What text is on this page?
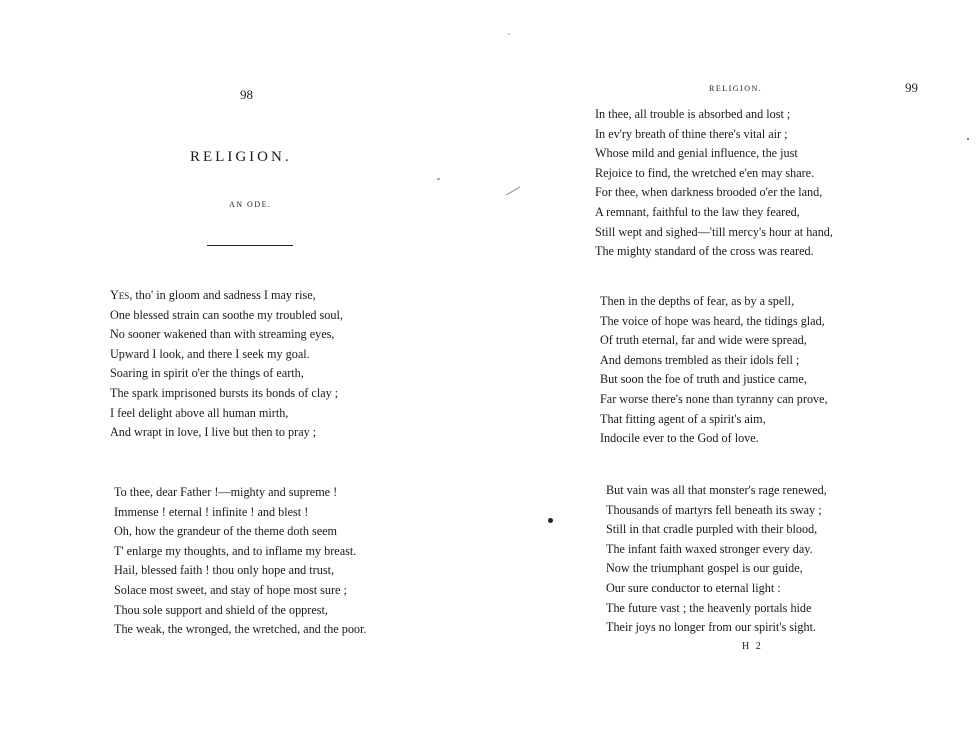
98
RELIGION.
AN ODE.
Yes, tho' in gloom and sadness I may rise,
One blessed strain can soothe my troubled soul,
No sooner wakened than with streaming eyes,
Upward I look, and there I seek my goal.
Soaring in spirit o'er the things of earth,
The spark imprisoned bursts its bonds of clay ;
I feel delight above all human mirth,
And wrapt in love, I live but then to pray ;
To thee, dear Father !—mighty and supreme !
Immense ! eternal ! infinite ! and blest !
Oh, how the grandeur of the theme doth seem
T' enlarge my thoughts, and to inflame my breast.
Hail, blessed faith ! thou only hope and trust,
Solace most sweet, and stay of hope most sure ;
Thou sole support and shield of the opprest,
The weak, the wronged, the wretched, and the poor.
RELIGION.	99
In thee, all trouble is absorbed and lost ;
In ev'ry breath of thine there's vital air ;
Whose mild and genial influence, the just
Rejoice to find, the wretched e'en may share.
For thee, when darkness brooded o'er the land,
A remnant, faithful to the law they feared,
Still wept and sighed—'till mercy's hour at hand,
The mighty standard of the cross was reared.
Then in the depths of fear, as by a spell,
The voice of hope was heard, the tidings glad,
Of truth eternal, far and wide were spread,
And demons trembled as their idols fell ;
But soon the foe of truth and justice came,
Far worse there's none than tyranny can prove,
That fitting agent of a spirit's aim,
Indocile ever to the God of love.
But vain was all that monster's rage renewed,
Thousands of martyrs fell beneath its sway ;
Still in that cradle purpled with their blood,
The infant faith waxed stronger every day.
Now the triumphant gospel is our guide,
Our sure conductor to eternal light :
The future vast ; the heavenly portals hide
Their joys no longer from our spirit's sight.
H 2
